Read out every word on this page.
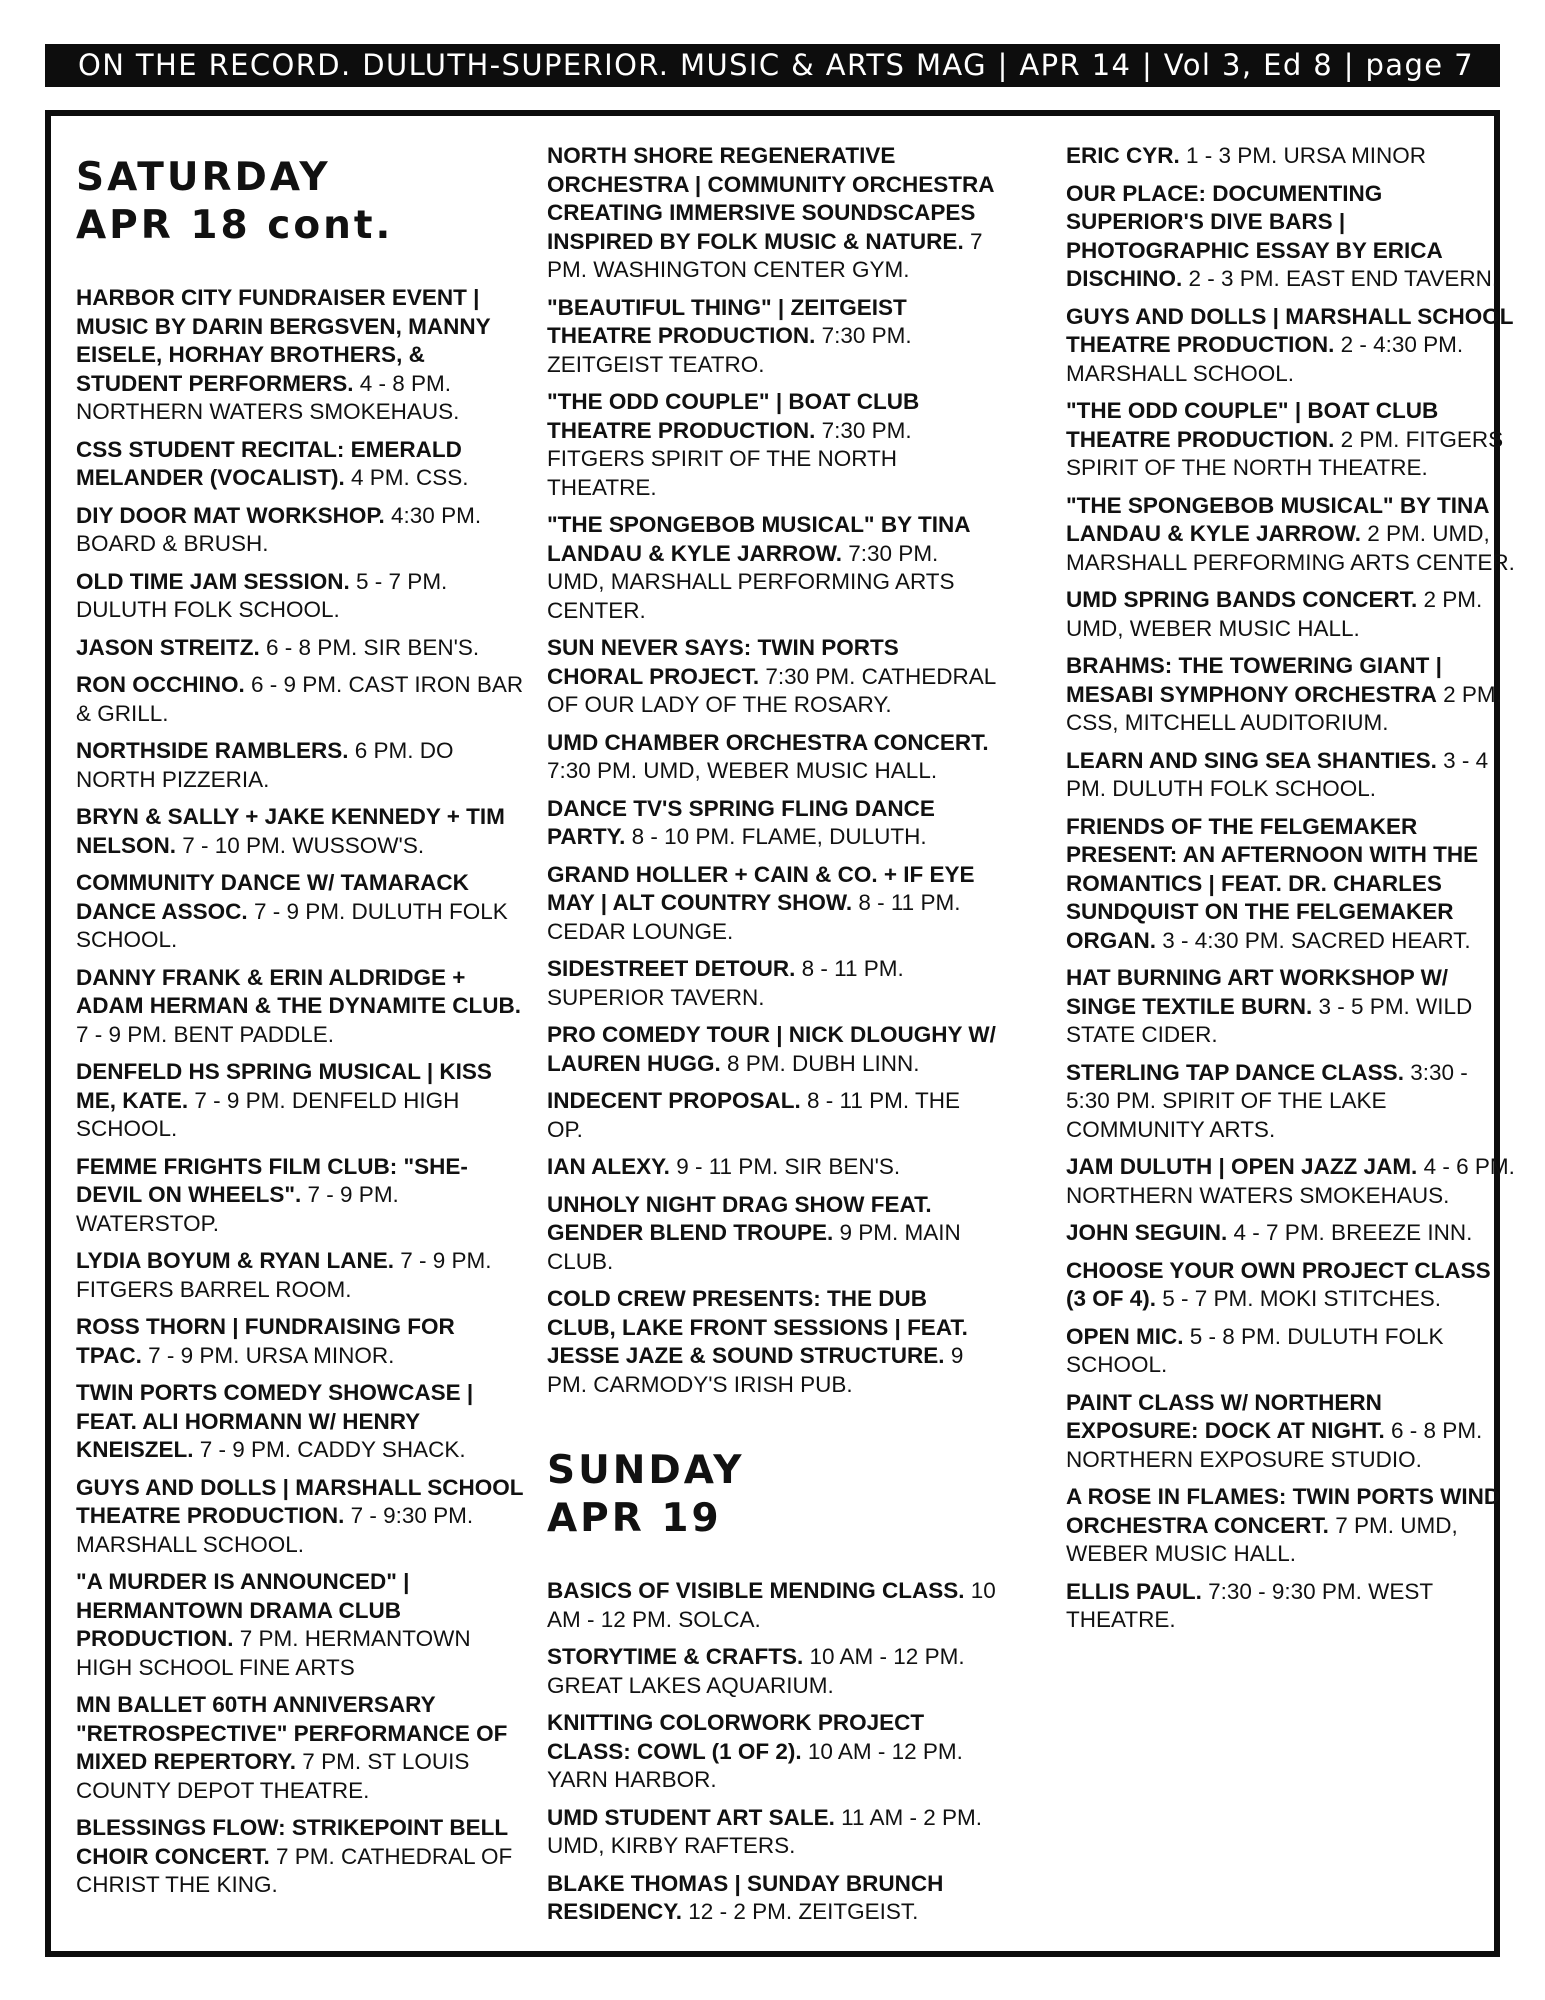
ON THE RECORD. DULUTH-SUPERIOR. MUSIC & ARTS MAG | APR 14 | Vol 3, Ed 8 | page 7
SATURDAY
APR 18 cont.
HARBOR CITY FUNDRAISER EVENT | MUSIC BY DARIN BERGSVEN, MANNY EISELE, HORHAY BROTHERS, & STUDENT PERFORMERS. 4 - 8 PM. NORTHERN WATERS SMOKEHAUS.
CSS STUDENT RECITAL: EMERALD MELANDER (VOCALIST). 4 PM. CSS.
DIY DOOR MAT WORKSHOP. 4:30 PM. BOARD & BRUSH.
OLD TIME JAM SESSION. 5 - 7 PM. DULUTH FOLK SCHOOL.
JASON STREITZ. 6 - 8 PM. SIR BEN'S.
RON OCCHINO. 6 - 9 PM. CAST IRON BAR & GRILL.
NORTHSIDE RAMBLERS. 6 PM. DO NORTH PIZZERIA.
BRYN & SALLY + JAKE KENNEDY + TIM NELSON. 7 - 10 PM. WUSSOW'S.
COMMUNITY DANCE W/ TAMARACK DANCE ASSOC. 7 - 9 PM. DULUTH FOLK SCHOOL.
DANNY FRANK & ERIN ALDRIDGE + ADAM HERMAN & THE DYNAMITE CLUB. 7 - 9 PM. BENT PADDLE.
DENFELD HS SPRING MUSICAL | KISS ME, KATE. 7 - 9 PM. DENFELD HIGH SCHOOL.
FEMME FRIGHTS FILM CLUB: "SHE-DEVIL ON WHEELS". 7 - 9 PM. WATERSTOP.
LYDIA BOYUM & RYAN LANE. 7 - 9 PM. FITGERS BARREL ROOM.
ROSS THORN | FUNDRAISING FOR TPAC. 7 - 9 PM. URSA MINOR.
TWIN PORTS COMEDY SHOWCASE | FEAT. ALI HORMANN W/ HENRY KNEISZEL. 7 - 9 PM. CADDY SHACK.
GUYS AND DOLLS | MARSHALL SCHOOL THEATRE PRODUCTION. 7 - 9:30 PM. MARSHALL SCHOOL.
"A MURDER IS ANNOUNCED" | HERMANTOWN DRAMA CLUB PRODUCTION. 7 PM. HERMANTOWN HIGH SCHOOL FINE ARTS
MN BALLET 60TH ANNIVERSARY "RETROSPECTIVE" PERFORMANCE OF MIXED REPERTORY. 7 PM. ST LOUIS COUNTY DEPOT THEATRE.
BLESSINGS FLOW: STRIKEPOINT BELL CHOIR CONCERT. 7 PM. CATHEDRAL OF CHRIST THE KING.
NORTH SHORE REGENERATIVE ORCHESTRA | COMMUNITY ORCHESTRA CREATING IMMERSIVE SOUNDSCAPES INSPIRED BY FOLK MUSIC & NATURE. 7 PM. WASHINGTON CENTER GYM.
"BEAUTIFUL THING" | ZEITGEIST THEATRE PRODUCTION. 7:30 PM. ZEITGEIST TEATRO.
"THE ODD COUPLE" | BOAT CLUB THEATRE PRODUCTION. 7:30 PM. FITGERS SPIRIT OF THE NORTH THEATRE.
"THE SPONGEBOB MUSICAL" BY TINA LANDAU & KYLE JARROW. 7:30 PM. UMD, MARSHALL PERFORMING ARTS CENTER.
SUN NEVER SAYS: TWIN PORTS CHORAL PROJECT. 7:30 PM. CATHEDRAL OF OUR LADY OF THE ROSARY.
UMD CHAMBER ORCHESTRA CONCERT. 7:30 PM. UMD, WEBER MUSIC HALL.
DANCE TV'S SPRING FLING DANCE PARTY. 8 - 10 PM. FLAME, DULUTH.
GRAND HOLLER + CAIN & CO. + IF EYE MAY | ALT COUNTRY SHOW. 8 - 11 PM. CEDAR LOUNGE.
SIDESTREET DETOUR. 8 - 11 PM. SUPERIOR TAVERN.
PRO COMEDY TOUR | NICK DLOUGHY W/ LAUREN HUGG. 8 PM. DUBH LINN.
INDECENT PROPOSAL. 8 - 11 PM. THE OP.
IAN ALEXY. 9 - 11 PM. SIR BEN'S.
UNHOLY NIGHT DRAG SHOW FEAT. GENDER BLEND TROUPE. 9 PM. MAIN CLUB.
COLD CREW PRESENTS: THE DUB CLUB, LAKE FRONT SESSIONS | FEAT. JESSE JAZE & SOUND STRUCTURE. 9 PM. CARMODY'S IRISH PUB.
SUNDAY
APR 19
BASICS OF VISIBLE MENDING CLASS. 10 AM - 12 PM. SOLCA.
STORYTIME & CRAFTS. 10 AM - 12 PM. GREAT LAKES AQUARIUM.
KNITTING COLORWORK PROJECT CLASS: COWL (1 OF 2). 10 AM - 12 PM. YARN HARBOR.
UMD STUDENT ART SALE. 11 AM - 2 PM. UMD, KIRBY RAFTERS.
BLAKE THOMAS | SUNDAY BRUNCH RESIDENCY. 12 - 2 PM. ZEITGEIST.
ERIC CYR. 1 - 3 PM. URSA MINOR
OUR PLACE: DOCUMENTING SUPERIOR'S DIVE BARS | PHOTOGRAPHIC ESSAY BY ERICA DISCHINO. 2 - 3 PM. EAST END TAVERN.
GUYS AND DOLLS | MARSHALL SCHOOL THEATRE PRODUCTION. 2 - 4:30 PM. MARSHALL SCHOOL.
"THE ODD COUPLE" | BOAT CLUB THEATRE PRODUCTION. 2 PM. FITGERS SPIRIT OF THE NORTH THEATRE.
"THE SPONGEBOB MUSICAL" BY TINA LANDAU & KYLE JARROW. 2 PM. UMD, MARSHALL PERFORMING ARTS CENTER.
UMD SPRING BANDS CONCERT. 2 PM. UMD, WEBER MUSIC HALL.
BRAHMS: THE TOWERING GIANT | MESABI SYMPHONY ORCHESTRA 2 PM. CSS, MITCHELL AUDITORIUM.
LEARN AND SING SEA SHANTIES. 3 - 4 PM. DULUTH FOLK SCHOOL.
FRIENDS OF THE FELGEMAKER PRESENT: AN AFTERNOON WITH THE ROMANTICS | FEAT. DR. CHARLES SUNDQUIST ON THE FELGEMAKER ORGAN. 3 - 4:30 PM. SACRED HEART.
HAT BURNING ART WORKSHOP W/ SINGE TEXTILE BURN. 3 - 5 PM. WILD STATE CIDER.
STERLING TAP DANCE CLASS. 3:30 - 5:30 PM. SPIRIT OF THE LAKE COMMUNITY ARTS.
JAM DULUTH | OPEN JAZZ JAM. 4 - 6 PM. NORTHERN WATERS SMOKEHAUS.
JOHN SEGUIN. 4 - 7 PM. BREEZE INN.
CHOOSE YOUR OWN PROJECT CLASS (3 OF 4). 5 - 7 PM. MOKI STITCHES.
OPEN MIC. 5 - 8 PM. DULUTH FOLK SCHOOL.
PAINT CLASS W/ NORTHERN EXPOSURE: DOCK AT NIGHT. 6 - 8 PM. NORTHERN EXPOSURE STUDIO.
A ROSE IN FLAMES: TWIN PORTS WIND ORCHESTRA CONCERT. 7 PM. UMD, WEBER MUSIC HALL.
ELLIS PAUL. 7:30 - 9:30 PM. WEST THEATRE.
